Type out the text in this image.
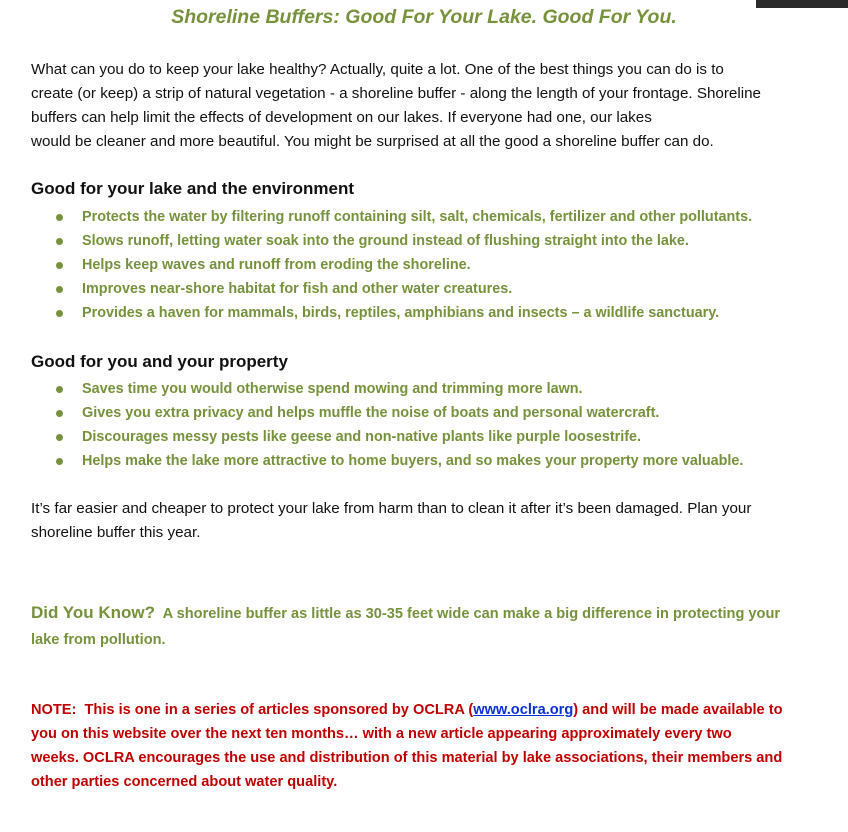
Shoreline Buffers: Good For Your Lake. Good For You.

What can you do to keep your lake healthy? Actually, quite a lot. One of the best things you can do is to
create (or keep) a strip of natural vegetation - a shoreline buffer - along the length of your frontage. Shoreline
buffers can help limit the effects of development on our lakes. If everyone had one, our lakes
would be cleaner and more beautiful. You might be surprised at all the good a shoreline buffer can do.

Good for your lake and the environment
Protects the water by filtering runoff containing silt, salt, chemicals, fertilizer and other pollutants.
Slows runoff, letting water soak into the ground instead of flushing straight into the lake.
Helps keep waves and runoff from eroding the shoreline.
Improves near-shore habitat for fish and other water creatures.
Provides a haven for mammals, birds, reptiles, amphibians and insects – a wildlife sanctuary.
Good for you and your property
Saves time you would otherwise spend mowing and trimming more lawn.
Gives you extra privacy and helps muffle the noise of boats and personal watercraft.
Discourages messy pests like geese and non-native plants like purple loosestrife.
Helps make the lake more attractive to home buyers, and so makes your property more valuable.

It’s far easier and cheaper to protect your lake from harm than to clean it after it’s been damaged. Plan your
shoreline buffer this year.

Did You Know?  A shoreline buffer as little as 30-35 feet wide can make a big difference in protecting your
lake from pollution.

NOTE:  This is one in a series of articles sponsored by OCLRA (www.oclra.org) and will be made available to
you on this website over the next ten months… with a new article appearing approximately every two
weeks. OCLRA encourages the use and distribution of this material by lake associations, their members and
other parties concerned about water quality.
